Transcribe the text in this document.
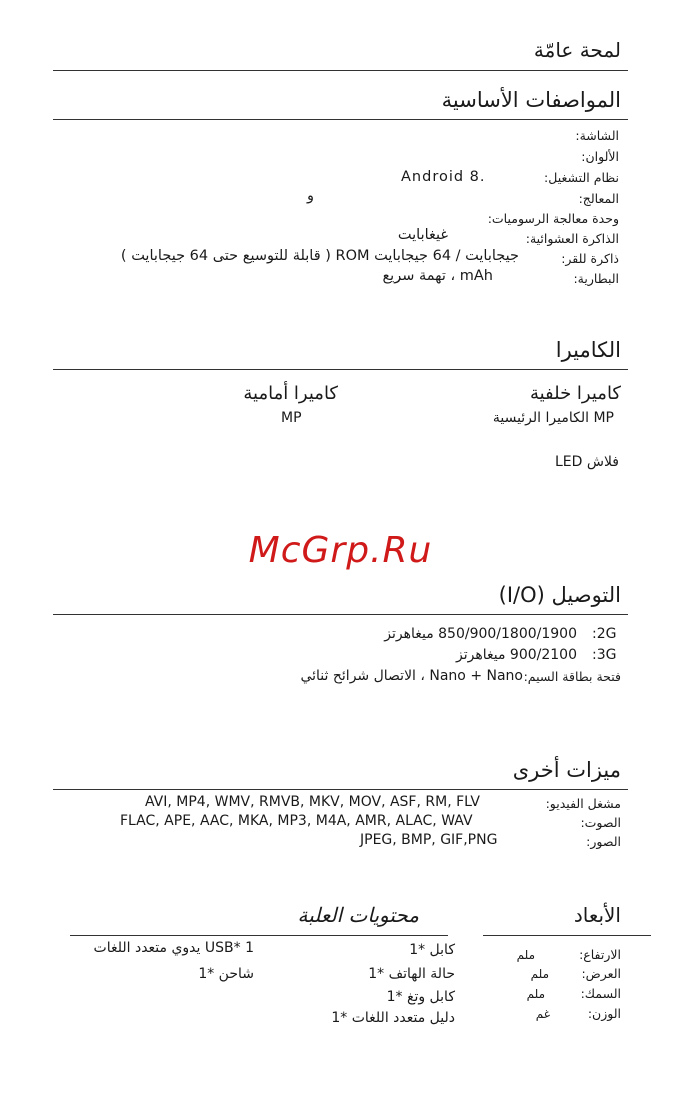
لمحة عامّة
المواصفات الأساسية
الشاشة:
الألوان:
نظام التشغيل:
Android 8.
المعالج:
و
وحدة معالجة الرسوميات:
الذاكرة العشوائية:
غيغابايت
ذاكرة للقر:
جيجابايت / 64 جيجابايت ROM ( قابلة للتوسيع حتى 64 جيجابايت )
البطارية:
mAh ، تهمة سريع
الكاميرا
كاميرا خلفية
كاميرا أمامية
MP الكاميرا الرئيسية
MP
فلاش LED
McGrp.Ru
التوصيل (I/O)
:2G
850/900/1800/1900 ميغاهرتز
:3G
900/2100 ميغاهرتز
فتحة بطاقة السيم:
Nano + Nano ، الاتصال شرائح ثنائي
ميزات أخرى
مشغل الفيديو:
AVI, MP4, WMV, RMVB, MKV, MOV, ASF, RM, FLV
الصوت:
FLAC, APE, AAC, MKA, MP3, M4A, AMR, ALAC, WAV
الصور:
JPEG, BMP, GIF,PNG
الأبعاد
الارتفاع:
ملم
العرض:
ملم
السمك:
ملم
الوزن:
غم
محتويات العلبة
كابل *1
حالة الهاتف *1
كابل وتغ *1
دليل متعدد اللغات *1
USB* 1 يدوي متعدد اللغات
شاحن *1
